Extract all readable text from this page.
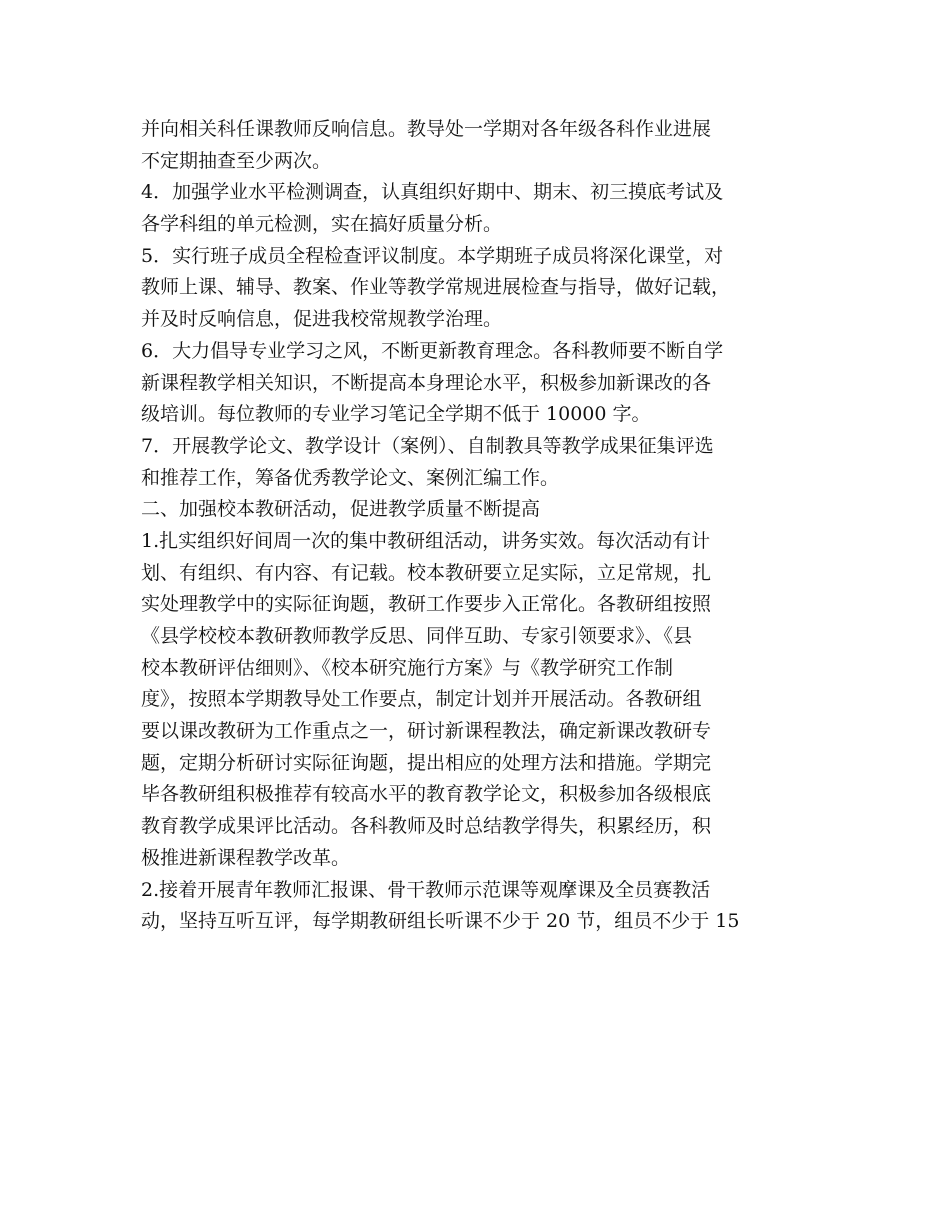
并向相关科任课教师反响信息。教导处一学期对各年级各科作业进展
不定期抽查至少两次。
4．加强学业水平检测调查，认真组织好期中、期末、初三摸底考试及
各学科组的单元检测，实在搞好质量分析。
5．实行班子成员全程检查评议制度。本学期班子成员将深化课堂，对
教师上课、辅导、教案、作业等教学常规进展检查与指导，做好记载，
并及时反响信息，促进我校常规教学治理。
6．大力倡导专业学习之风，不断更新教育理念。各科教师要不断自学
新课程教学相关知识，不断提高本身理论水平，积极参加新课改的各
级培训。每位教师的专业学习笔记全学期不低于 10000 字。
7．开展教学论文、教学设计（案例）、自制教具等教学成果征集评选
和推荐工作，筹备优秀教学论文、案例汇编工作。
二、加强校本教研活动，促进教学质量不断提高
1.扎实组织好间周一次的集中教研组活动，讲务实效。每次活动有计
划、有组织、有内容、有记载。校本教研要立足实际，立足常规，扎
实处理教学中的实际征询题，教研工作要步入正常化。各教研组按照
《县学校校本教研教师教学反思、同伴互助、专家引领要求》、《县
校本教研评估细则》、《校本研究施行方案》与《教学研究工作制
度》，按照本学期教导处工作要点，制定计划并开展活动。各教研组
要以课改教研为工作重点之一，研讨新课程教法，确定新课改教研专
题，定期分析研讨实际征询题，提出相应的处理方法和措施。学期完
毕各教研组积极推荐有较高水平的教育教学论文，积极参加各级根底
教育教学成果评比活动。各科教师及时总结教学得失，积累经历，积
极推进新课程教学改革。
2.接着开展青年教师汇报课、骨干教师示范课等观摩课及全员赛教活
动，坚持互听互评，每学期教研组长听课不少于 20 节，组员不少于 15
